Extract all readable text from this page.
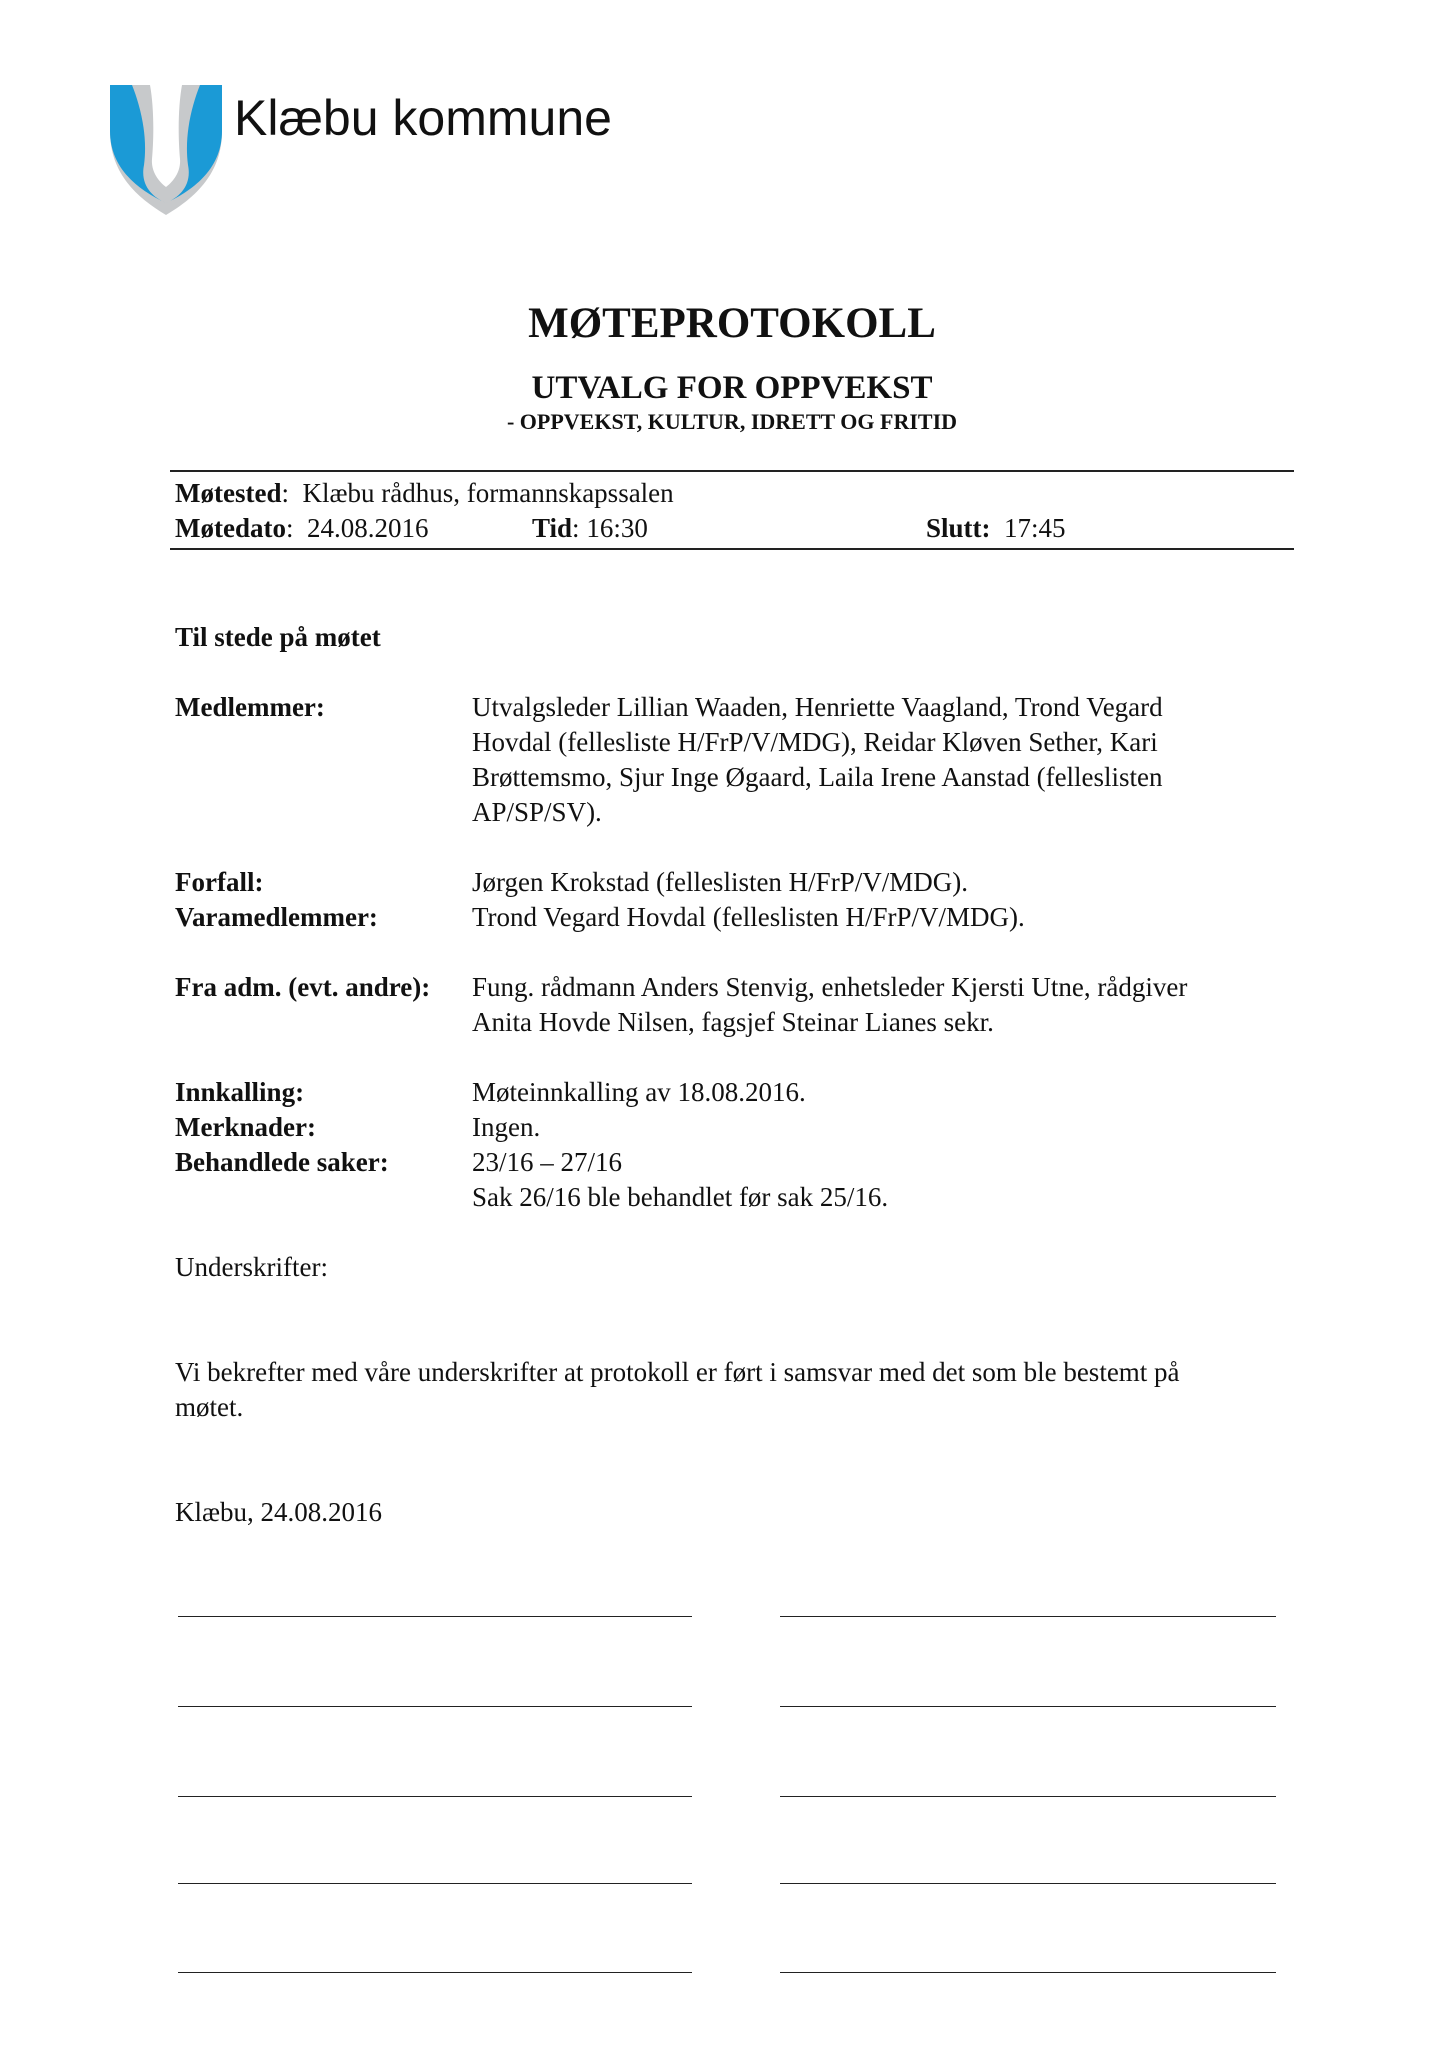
Klæbu kommune
MØTEPROTOKOLL
UTVALG FOR OPPVEKST
- OPPVEKST, KULTUR, IDRETT OG FRITID
Møtested:  Klæbu rådhus, formannskapssalen
Møtedato:  24.08.2016	Tid: 16:30	Slutt: 17:45
Til stede på møtet
Medlemmer:	Utvalgsleder Lillian Waaden, Henriette Vaagland, Trond Vegard
Hovdal (fellesliste H/FrP/V/MDG), Reidar Kløven Sether, Kari
Brøttemsmo, Sjur Inge Øgaard, Laila Irene Aanstad (felleslisten
AP/SP/SV).
Forfall:	Jørgen Krokstad (felleslisten H/FrP/V/MDG).
Varamedlemmer:	Trond Vegard Hovdal (felleslisten H/FrP/V/MDG).
Fra adm. (evt. andre): Fung. rådmann Anders Stenvig, enhetsleder Kjersti Utne, rådgiver
Anita Hovde Nilsen, fagsjef Steinar Lianes sekr.
Innkalling:	Møteinnkalling av 18.08.2016.
Merknader:	Ingen.
Behandlede saker:	23/16 – 27/16
Sak 26/16 ble behandlet før sak 25/16.
Underskrifter:
Vi bekrefter med våre underskrifter at protokoll er ført i samsvar med det som ble bestemt på
møtet.
Klæbu, 24.08.2016
